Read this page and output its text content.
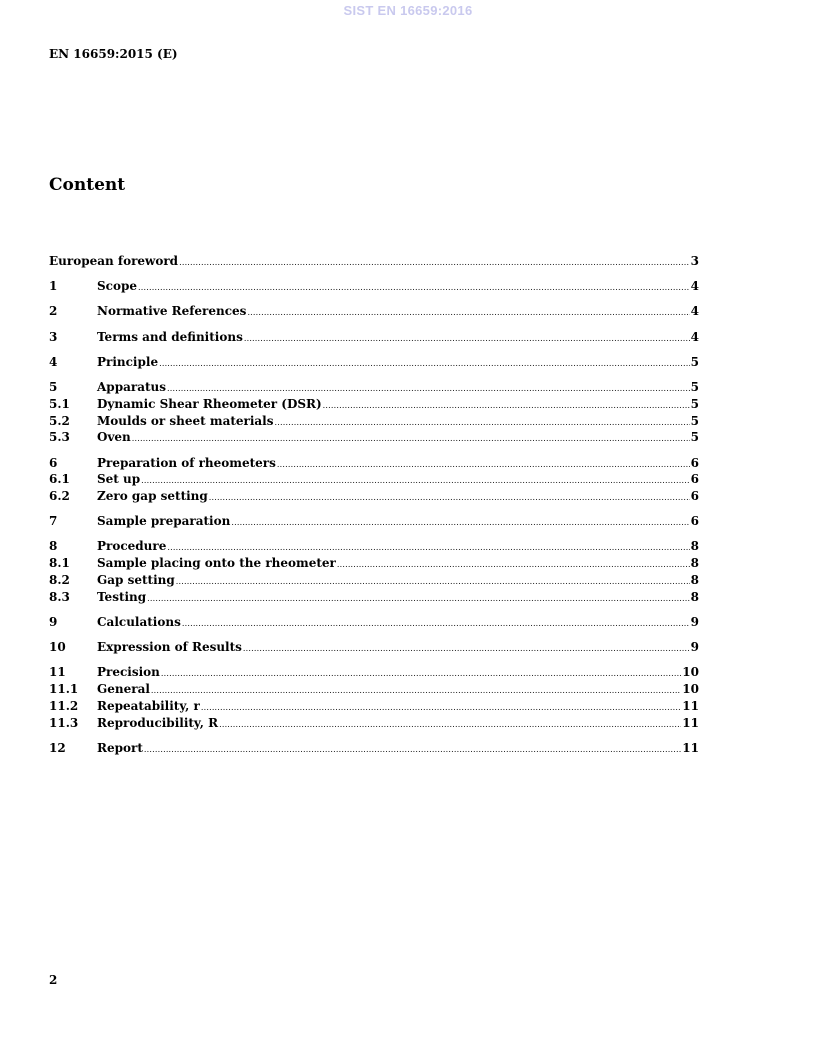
SIST EN 16659:2016
EN 16659:2015 (E)
Content
European foreword .....	3
1	Scope .....	4
2	Normative References .....	4
3	Terms and definitions .....	4
4	Principle .....	5
5	Apparatus .....	5
5.1	Dynamic Shear Rheometer (DSR) .....	5
5.2	Moulds or sheet materials .....	5
5.3	Oven .....	5
6	Preparation of rheometers .....	6
6.1	Set up .....	6
6.2	Zero gap setting .....	6
7	Sample preparation .....	6
8	Procedure .....	8
8.1	Sample placing onto the rheometer .....	8
8.2	Gap setting .....	8
8.3	Testing .....	8
9	Calculations .....	9
10	Expression of Results .....	9
11	Precision .....	10
11.1	General .....	10
11.2	Repeatability, r .....	11
11.3	Reproducibility, R .....	11
12	Report .....	11
2
